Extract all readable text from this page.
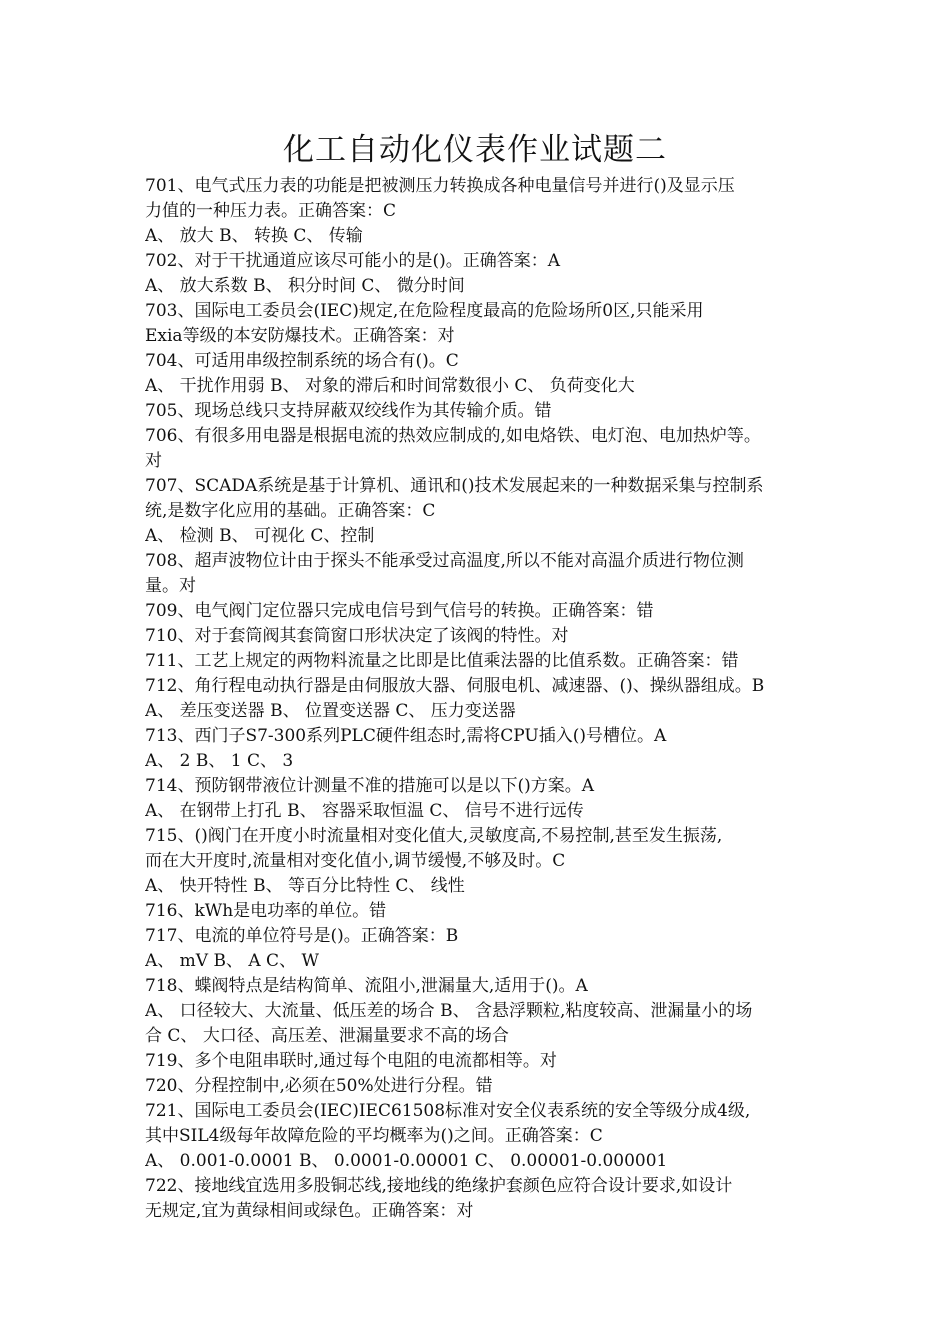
化工自动化仪表作业试题二
701、电气式压力表的功能是把被测压力转换成各种电量信号并进行()及显示压
力值的一种压力表。正确答案：C
A、 放大 B、 转换 C、 传输
702、对于干扰通道应该尽可能小的是()。正确答案：A
A、 放大系数 B、 积分时间 C、 微分时间
703、国际电工委员会(IEC)规定,在危险程度最高的危险场所0区,只能采用
Exia等级的本安防爆技术。正确答案：对
704、可适用串级控制系统的场合有()。C
A、 干扰作用弱 B、 对象的滞后和时间常数很小 C、 负荷变化大
705、现场总线只支持屏蔽双绞线作为其传输介质。错
706、有很多用电器是根据电流的热效应制成的,如电烙铁、电灯泡、电加热炉等。
对
707、SCADA系统是基于计算机、通讯和()技术发展起来的一种数据采集与控制系
统,是数字化应用的基础。正确答案：C
A、 检测 B、 可视化 C、控制
708、超声波物位计由于探头不能承受过高温度,所以不能对高温介质进行物位测
量。对
709、电气阀门定位器只完成电信号到气信号的转换。正确答案：错
710、对于套筒阀其套筒窗口形状决定了该阀的特性。对
711、工艺上规定的两物料流量之比即是比值乘法器的比值系数。正确答案：错
712、角行程电动执行器是由伺服放大器、伺服电机、减速器、()、操纵器组成。B
A、 差压变送器 B、 位置变送器 C、 压力变送器
713、西门子S7-300系列PLC硬件组态时,需将CPU插入()号槽位。A
A、 2 B、 1 C、 3
714、预防钢带液位计测量不准的措施可以是以下()方案。A
A、 在钢带上打孔 B、 容器采取恒温 C、 信号不进行远传
715、()阀门在开度小时流量相对变化值大,灵敏度高,不易控制,甚至发生振荡,
而在大开度时,流量相对变化值小,调节缓慢,不够及时。C
A、 快开特性 B、 等百分比特性 C、 线性
716、kWh是电功率的单位。错
717、电流的单位符号是()。正确答案：B
A、 mV B、 A C、 W
718、蝶阀特点是结构简单、流阻小,泄漏量大,适用于()。A
A、 口径较大、大流量、低压差的场合 B、 含悬浮颗粒,粘度较高、泄漏量小的场
合 C、 大口径、高压差、泄漏量要求不高的场合
719、多个电阻串联时,通过每个电阻的电流都相等。对
720、分程控制中,必须在50%处进行分程。错
721、国际电工委员会(IEC)IEC61508标准对安全仪表系统的安全等级分成4级,
其中SIL4级每年故障危险的平均概率为()之间。正确答案：C
A、 0.001-0.0001 B、 0.0001-0.00001 C、 0.00001-0.000001
722、接地线宜选用多股铜芯线,接地线的绝缘护套颜色应符合设计要求,如设计
无规定,宜为黄绿相间或绿色。正确答案：对
